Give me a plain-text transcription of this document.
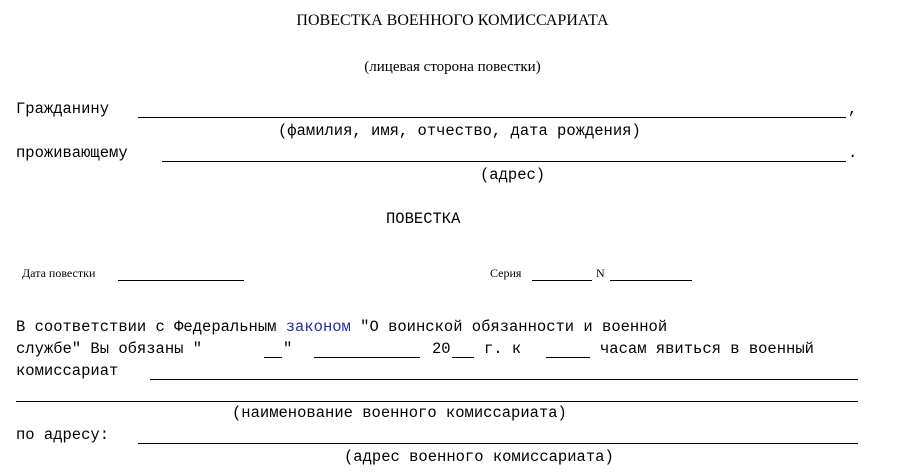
ПОВЕСТКА ВОЕННОГО КОМИССАРИАТА
(лицевая сторона повестки)
Гражданину	,
(фамилия, имя, отчество, дата рождения)
проживающему	.
(адрес)
ПОВЕСТКА
Дата повестки	Серия	N
В соответствии с Федеральным законом "О воинской обязанности и военной
службе" Вы обязаны "	"	20 г. к	часам явиться в военный
комиссариат
(наименование военного комиссариата)
по адресу:
(адрес военного комиссариата)
